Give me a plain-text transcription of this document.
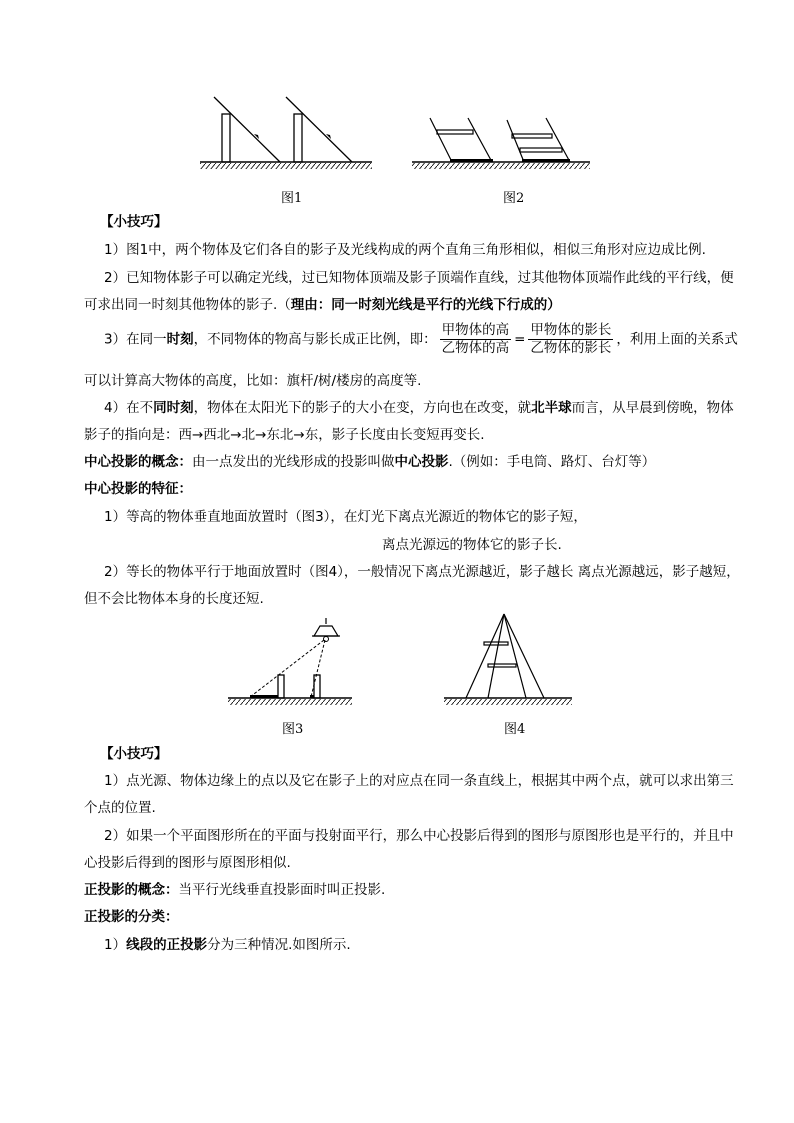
图1	图2
【小技巧】
1）图1中，两个物体及它们各自的影子及光线构成的两个直角三角形相似，相似三角形对应边成比例.
2）已知物体影子可以确定光线，过已知物体顶端及影子顶端作直线，过其他物体顶端作此线的平行线，便
可求出同一时刻其他物体的影子.（理由：同一时刻光线是平行的光线下行成的）
3）在同一时刻，不同物体的物高与影长成正比例，即： $\frac{\text{甲物体的高}}{\text{乙物体的高}} = \frac{\text{甲物体的影长}}{\text{乙物体的影长}}$ ，利用上面的关系式
可以计算高大物体的高度，比如：旗杆/树/楼房的高度等.
4）在不同时刻，物体在太阳光下的影子的大小在变，方向也在改变，就北半球而言，从早晨到傍晚，物体
影子的指向是：西→西北→北→东北→东，影子长度由长变短再变长.
中心投影的概念：由一点发出的光线形成的投影叫做中心投影.（例如：手电筒、路灯、台灯等）
中心投影的特征：
1）等高的物体垂直地面放置时（图3），在灯光下离点光源近的物体它的影子短，
离点光源远的物体它的影子长.
2）等长的物体平行于地面放置时（图4），一般情况下离点光源越近，影子越长 离点光源越远，影子越短，
但不会比物体本身的长度还短.
图3	图4
【小技巧】
1）点光源、物体边缘上的点以及它在影子上的对应点在同一条直线上，根据其中两个点，就可以求出第三
个点的位置.
2）如果一个平面图形所在的平面与投射面平行，那么中心投影后得到的图形与原图形也是平行的，并且中
心投影后得到的图形与原图形相似.
正投影的概念：当平行光线垂直投影面时叫正投影.
正投影的分类：
1）线段的正投影分为三种情况.如图所示.
